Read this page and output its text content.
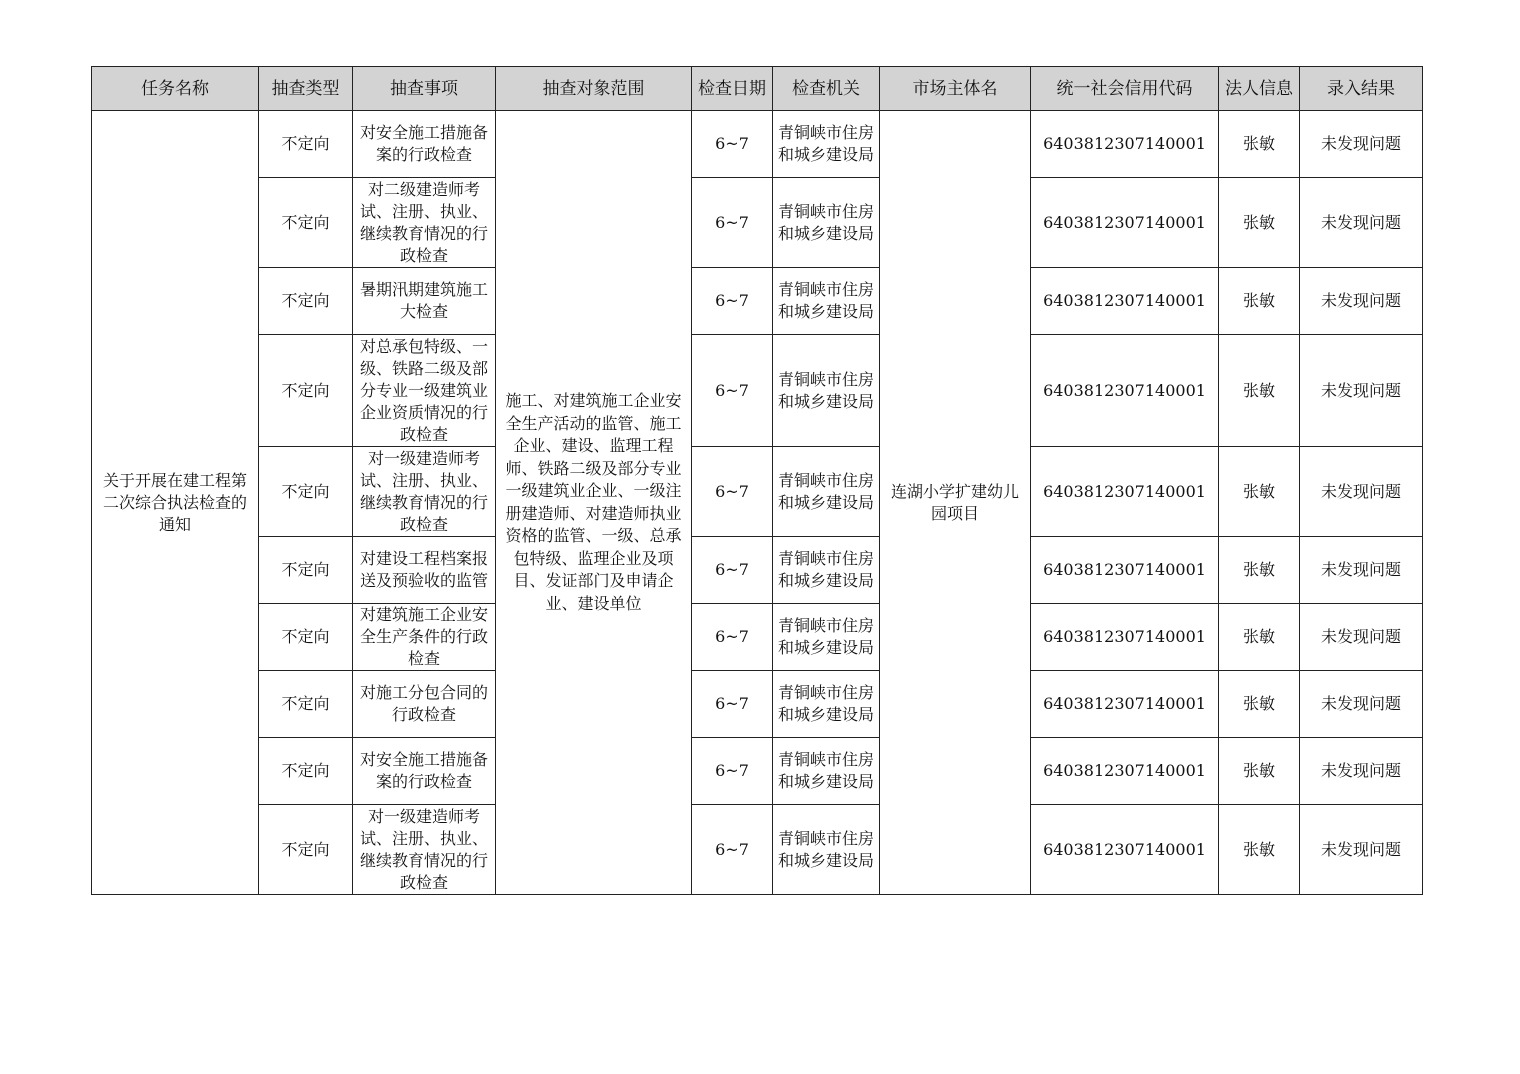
任务名称	抽查类型	抽查事项	抽查对象范围	检查日期	检查机关	市场主体名	统一社会信用代码	法人信息	录入结果
关于开展在建工程第二次综合执法检查的通知	不定向	对安全施工措施备案的行政检查	施工、对建筑施工企业安全生产活动的监管、施工企业、建设、监理工程师、铁路二级及部分专业一级建筑业企业、一级注册建造师、对建造师执业资格的监管、一级、总承包特级、监理企业及项目、发证部门及申请企业、建设单位	6~7	青铜峡市住房和城乡建设局	连湖小学扩建幼儿园项目	6403812307140001	张敏	未发现问题
	不定向	对二级建造师考试、注册、执业、继续教育情况的行政检查		6~7	青铜峡市住房和城乡建设局		6403812307140001	张敏	未发现问题
	不定向	暑期汛期建筑施工大检查		6~7	青铜峡市住房和城乡建设局		6403812307140001	张敏	未发现问题
	不定向	对总承包特级、一级、铁路二级及部分专业一级建筑业企业资质情况的行政检查		6~7	青铜峡市住房和城乡建设局		6403812307140001	张敏	未发现问题
	不定向	对一级建造师考试、注册、执业、继续教育情况的行政检查		6~7	青铜峡市住房和城乡建设局		6403812307140001	张敏	未发现问题
	不定向	对建设工程档案报送及预验收的监管		6~7	青铜峡市住房和城乡建设局		6403812307140001	张敏	未发现问题
	不定向	对建筑施工企业安全生产条件的行政检查		6~7	青铜峡市住房和城乡建设局		6403812307140001	张敏	未发现问题
	不定向	对施工分包合同的行政检查		6~7	青铜峡市住房和城乡建设局		6403812307140001	张敏	未发现问题
	不定向	对安全施工措施备案的行政检查		6~7	青铜峡市住房和城乡建设局		6403812307140001	张敏	未发现问题
	不定向	对一级建造师考试、注册、执业、继续教育情况的行政检查		6~7	青铜峡市住房和城乡建设局		6403812307140001	张敏	未发现问题
